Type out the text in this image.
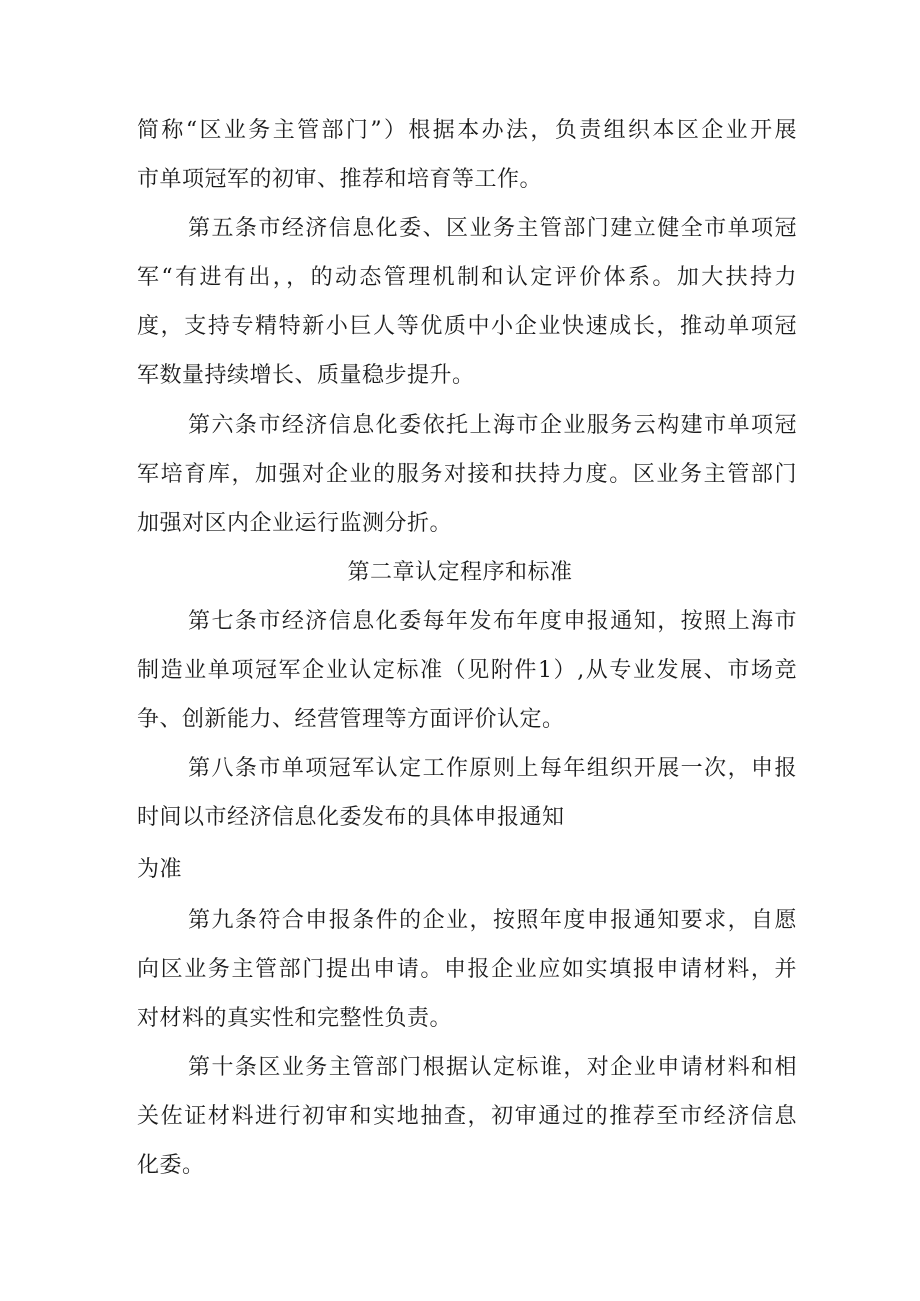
简称“区业务主管部门”）根据本办法，负责组织本区企业开展
市单项冠军的初审、推荐和培育等工作。
第五条市经济信息化委、区业务主管部门建立健全市单项冠
军“有进有出，，的动态管理机制和认定评价体系。加大扶持力
度，支持专精特新小巨人等优质中小企业快速成长，推动单项冠
军数量持续增长、质量稳步提升。
第六条市经济信息化委依托上海市企业服务云构建市单项冠
军培育库，加强对企业的服务对接和扶持力度。区业务主管部门
加强对区内企业运行监测分折。
第二章认定程序和标准
第七条市经济信息化委每年发布年度申报通知，按照上海市
制造业单项冠军企业认定标准（见附件1）,从专业发展、市场竞
争、创新能力、经营管理等方面评价认定。
第八条市单项冠军认定工作原则上每年组织开展一次，申报
时间以市经济信息化委发布的具体申报通知
为准
第九条符合申报条件的企业，按照年度申报通知要求，自愿
向区业务主管部门提出申请。申报企业应如实填报申请材料，并
对材料的真实性和完整性负责。
第十条区业务主管部门根据认定标谁，对企业申请材料和相
关佐证材料进行初审和实地抽查，初审通过的推荐至市经济信息
化委。
